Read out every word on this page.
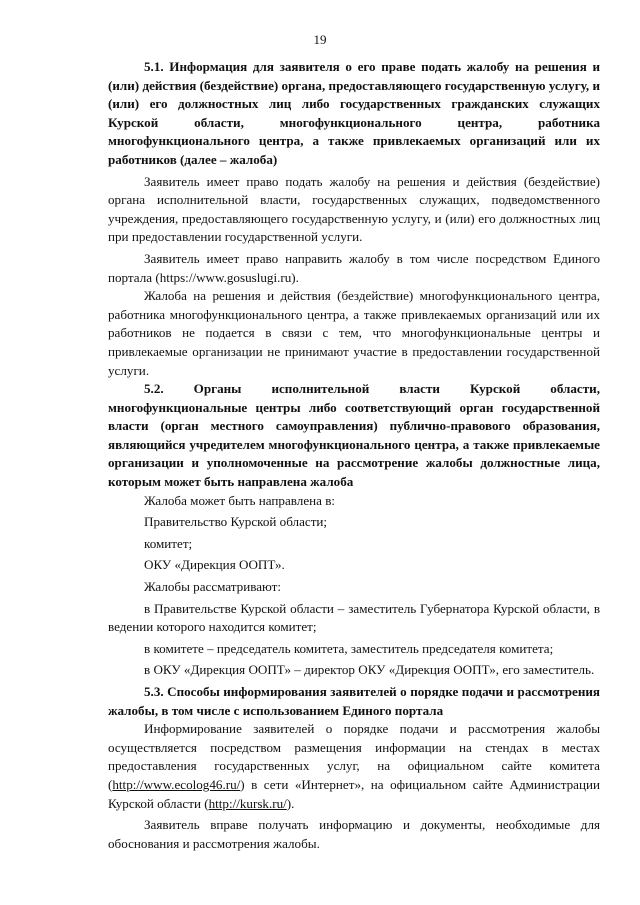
19

5.1. Информация для заявителя о его праве подать жалобу на решения и (или) действия (бездействие) органа, предоставляющего государственную услугу, и (или) его должностных лиц либо государственных гражданских служащих Курской области, многофункционального центра, работника многофункционального центра, а также привлекаемых организаций или их работников (далее – жалоба)

Заявитель имеет право подать жалобу на решения и действия (бездействие) органа исполнительной власти, государственных служащих, подведомственного учреждения, предоставляющего государственную услугу, и (или) его должностных лиц при предоставлении государственной услуги.

Заявитель имеет право направить жалобу в том числе посредством Единого портала (https://www.gosuslugi.ru).

Жалоба на решения и действия (бездействие) многофункционального центра, работника многофункционального центра, а также привлекаемых организаций или их работников не подается в связи с тем, что многофункциональные центры и привлекаемые организации не принимают участие в предоставлении государственной услуги.

5.2. Органы исполнительной власти Курской области, многофункциональные центры либо соответствующий орган государственной власти (орган местного самоуправления) публично-правового образования, являющийся учредителем многофункционального центра, а также привлекаемые организации и уполномоченные на рассмотрение жалобы должностные лица, которым может быть направлена жалоба

Жалоба может быть направлена в:

Правительство Курской области;

комитет;

ОКУ «Дирекция ООПТ».

Жалобы рассматривают:

в Правительстве Курской области – заместитель Губернатора Курской области, в ведении которого находится комитет;

в комитете – председатель комитета, заместитель председателя комитета;

в ОКУ «Дирекция ООПТ» – директор ОКУ «Дирекция ООПТ», его заместитель.

5.3. Способы информирования заявителей о порядке подачи и рассмотрения жалобы, в том числе с использованием Единого портала

Информирование заявителей о порядке подачи и рассмотрения жалобы осуществляется посредством размещения информации на стендах в местах предоставления государственных услуг, на официальном сайте комитета (http://www.ecolog46.ru/) в сети «Интернет», на официальном сайте Администрации Курской области (http://kursk.ru/).

Заявитель вправе получать информацию и документы, необходимые для обоснования и рассмотрения жалобы.
